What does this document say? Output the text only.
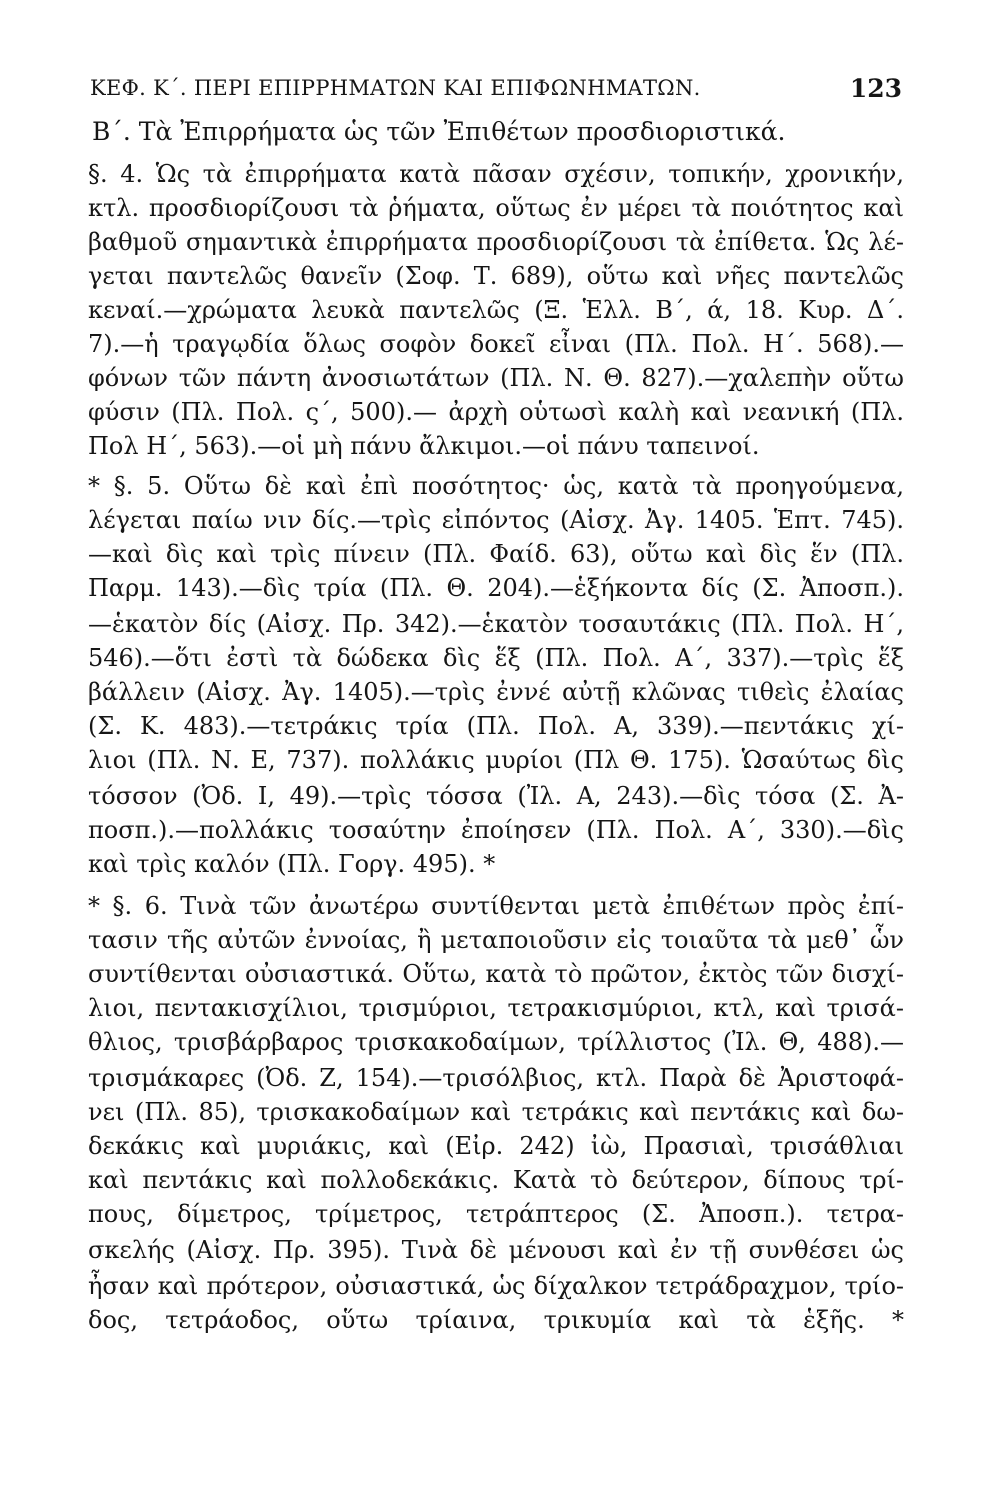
ΚΕΦ. Κ΄. ΠΕΡΙ ΕΠΙΡΡΗΜΑΤΩΝ ΚΑΙ ΕΠΙΦΩΝΗΜΑΤΩΝ.	123
Β΄. Τὰ Ἐπιρρήματα ὡς τῶν Ἐπιθέτων προσδιοριστικά.
§. 4. Ὡς τὰ ἐπιρρήματα κατὰ πᾶσαν σχέσιν, τοπικήν, χρονικήν,
κτλ. προσδιορίζουσι τὰ ῥήματα, οὕτως ἐν μέρει τὰ ποιότητος καὶ
βαθμοῦ σημαντικὰ ἐπιρρήματα προσδιορίζουσι τὰ ἐπίθετα. Ὡς λέ-
γεται παντελῶς θανεῖν (Σοφ. Τ. 689), οὕτω καὶ νῆες παντελῶς
κεναί.—χρώματα λευκὰ παντελῶς (Ξ. Ἑλλ. Β΄, ά, 18. Κυρ. Δ΄.
7).—ἡ τραγῳδία ὅλως σοφὸν δοκεῖ εἶναι (Πλ. Πολ. Η΄. 568).—
φόνων τῶν πάντη ἀνοσιωτάτων (Πλ. Ν. Θ. 827).—χαλεπὴν οὕτω
φύσιν (Πλ. Πολ. ς΄, 500).— ἀρχὴ οὑτωσὶ καλὴ καὶ νεανική (Πλ.
Πολ Η΄, 563).—οἱ μὴ πάνυ ἄλκιμοι.—οἱ πάνυ ταπεινοί.
* §. 5. Οὕτω δὲ καὶ ἐπὶ ποσότητος· ὡς, κατὰ τὰ προηγούμενα,
λέγεται παίω νιν δίς.—τρὶς εἰπόντος (Αἰσχ. Ἀγ. 1405. Ἑπτ. 745).
—καὶ δὶς καὶ τρὶς πίνειν (Πλ. Φαίδ. 63), οὕτω καὶ δὶς ἕν (Πλ.
Παρμ. 143).—δὶς τρία (Πλ. Θ. 204).—ἑξήκοντα δίς (Σ. Ἀποσπ.).
—ἑκατὸν δίς (Αἰσχ. Πρ. 342).—ἑκατὸν τοσαυτάκις (Πλ. Πολ. Η΄,
546).—ὅτι ἐστὶ τὰ δώδεκα δὶς ἕξ (Πλ. Πολ. Α΄, 337).—τρὶς ἕξ
βάλλειν (Αἰσχ. Ἀγ. 1405).—τρὶς ἐννέ αὐτῇ κλῶνας τιθεὶς ἐλαίας
(Σ. Κ. 483).—τετράκις τρία (Πλ. Πολ. Α, 339).—πεντάκις χί-
λιοι (Πλ. Ν. Ε, 737). πολλάκις μυρίοι (Πλ Θ. 175). Ὡσαύτως δὶς
τόσσον (Ὀδ. Ι, 49).—τρὶς τόσσα (Ἰλ. Α, 243).—δὶς τόσα (Σ. Ἀ-
ποσπ.).—πολλάκις τοσαύτην ἐποίησεν (Πλ. Πολ. Α΄, 330).—δὶς
καὶ τρὶς καλόν (Πλ. Γοργ. 495). *
* §. 6. Τινὰ τῶν ἀνωτέρω συντίθενται μετὰ ἐπιθέτων πρὸς ἐπί-
τασιν τῆς αὐτῶν ἐννοίας, ἢ μεταποιοῦσιν εἰς τοιαῦτα τὰ μεθ᾽ ὧν
συντίθενται οὐσιαστικά. Οὕτω, κατὰ τὸ πρῶτον, ἐκτὸς τῶν δισχί-
λιοι, πεντακισχίλιοι, τρισμύριοι, τετρακισμύριοι, κτλ, καὶ τρισά-
θλιος, τρισβάρβαρος τρισκακοδαίμων, τρίλλιστος (Ἰλ. Θ, 488).—
τρισμάκαρες (Ὀδ. Ζ, 154).—τρισόλβιος, κτλ. Παρὰ δὲ Ἀριστοφά-
νει (Πλ. 85), τρισκακοδαίμων καὶ τετράκις καὶ πεντάκις καὶ δω-
δεκάκις καὶ μυριάκις, καὶ (Εἰρ. 242) ἰὼ, Πρασιαὶ, τρισάθλιαι
καὶ πεντάκις καὶ πολλοδεκάκις. Κατὰ τὸ δεύτερον, δίπους τρί-
πους, δίμετρος, τρίμετρος, τετράπτερος (Σ. Ἀποσπ.). τετρα-
σκελής (Αἰσχ. Πρ. 395). Τινὰ δὲ μένουσι καὶ ἐν τῇ συνθέσει ὡς
ἦσαν καὶ πρότερον, οὐσιαστικά, ὡς δίχαλκον τετράδραχμον, τρίο-
δος, τετράοδος, οὕτω τρίαινα, τρικυμία καὶ τὰ ἑξῆς. *
